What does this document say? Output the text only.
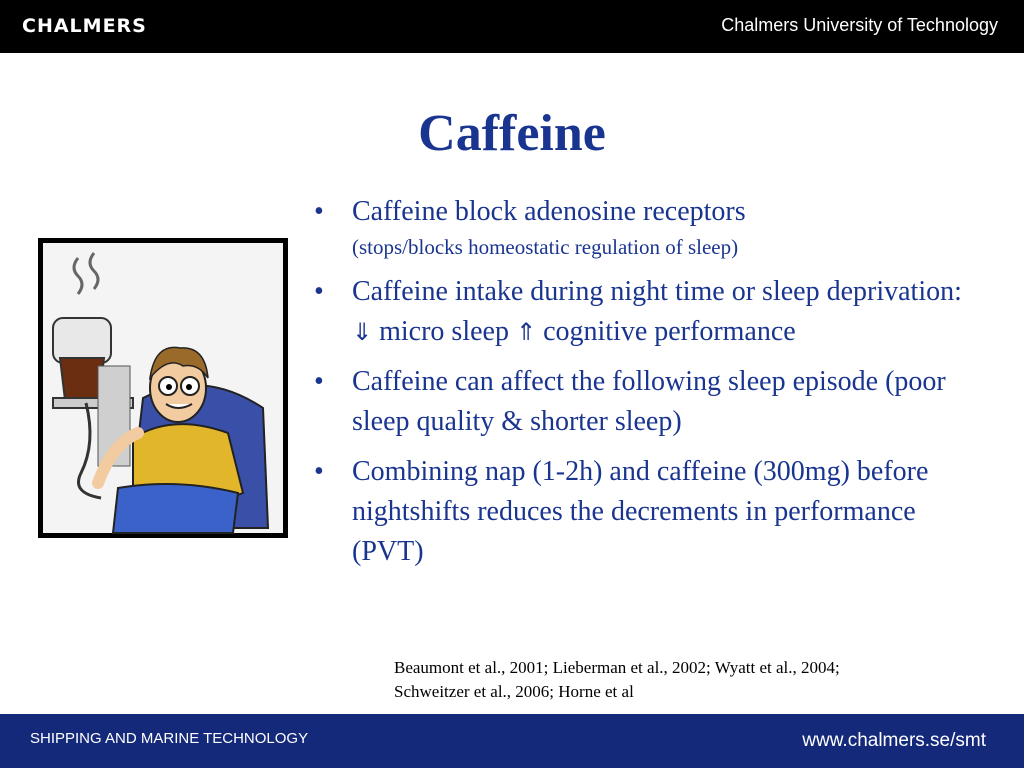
CHALMERS	Chalmers University of Technology
Caffeine
• Caffeine block adenosine receptors
(stops/blocks homeostatic regulation of sleep)
• Caffeine intake during night time or sleep deprivation:
⇓ micro sleep ⇑ cognitive performance
• Caffeine can affect the following sleep episode (poor sleep quality & shorter sleep)
• Combining nap (1-2h) and caffeine (300mg) before nightshifts reduces the decrements in performance (PVT)

Beaumont et al., 2001; Lieberman et al., 2002; Wyatt et al., 2004;
Schweitzer et al., 2006; Horne et al

SHIPPING AND MARINE TECHNOLOGY	www.chalmers.se/smt
